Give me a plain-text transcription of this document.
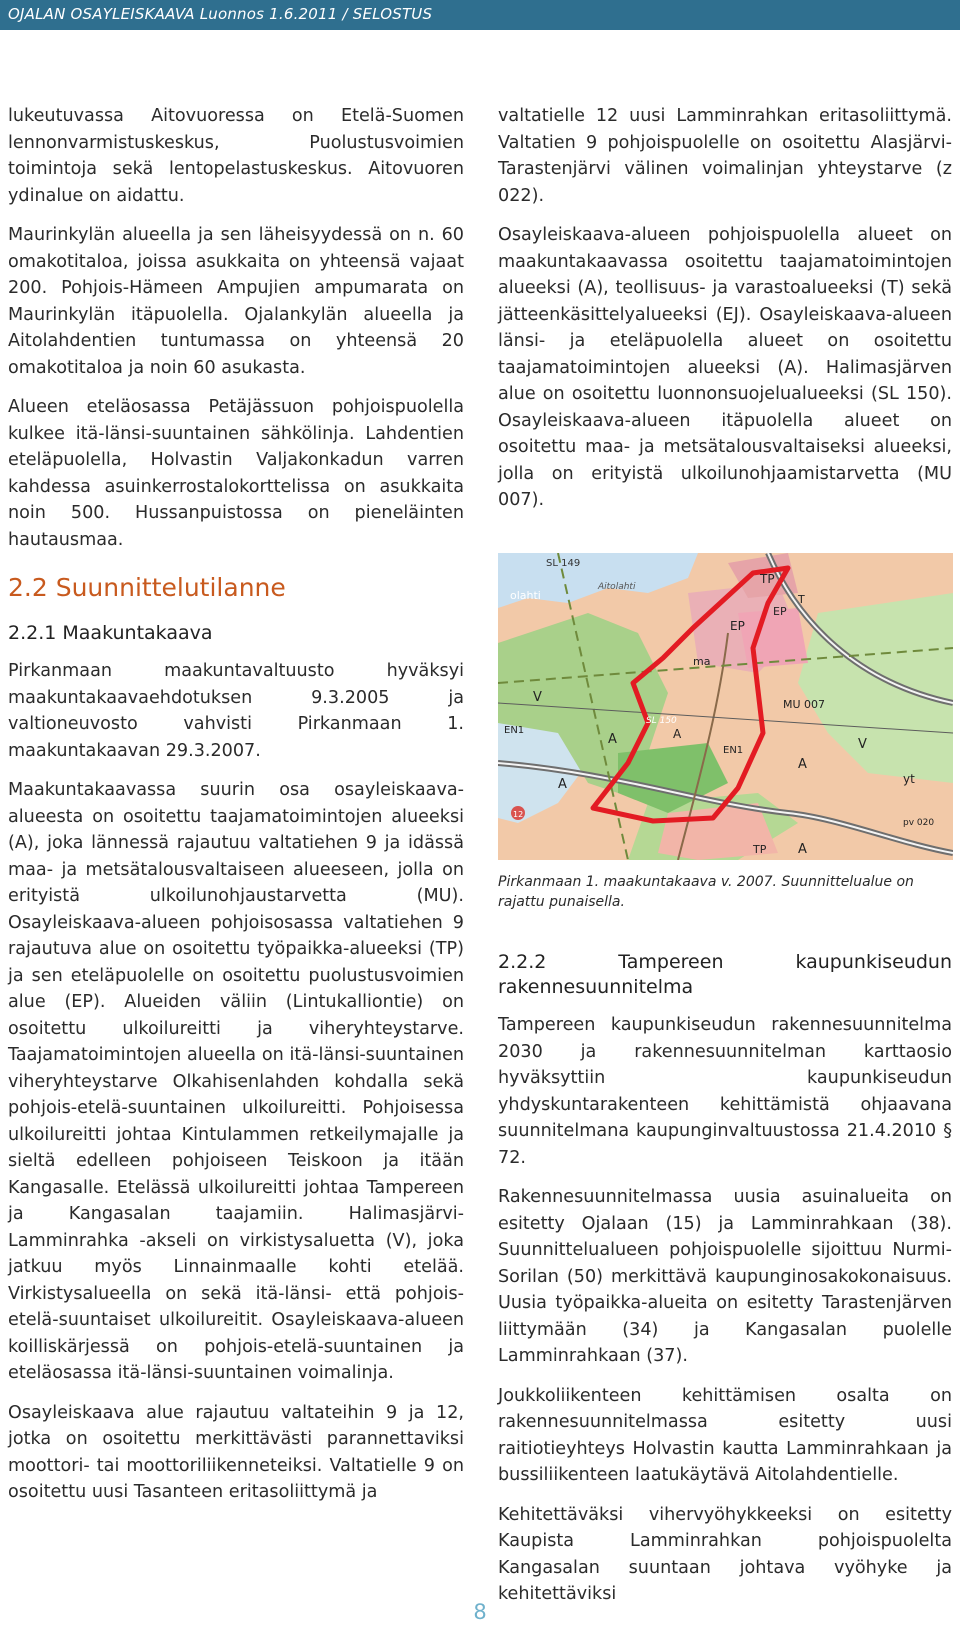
OJALAN OSAYLEISKAAVA Luonnos 1.6.2011 / SELOSTUS

lukeutuvassa Aitovuoressa on Etelä-Suomen lennonvarmistuskeskus, Puolustusvoimien toimintoja sekä lentopelastuskeskus. Aitovuoren ydinalue on aidattu.

Maurinkylän alueella ja sen läheisyydessä on n. 60 omakotitaloa, joissa asukkaita on yhteensä vajaat 200. Pohjois-Hämeen Ampujien ampumarata on Maurinkylän itäpuolella. Ojalankylän alueella ja Aitolahdentien tuntumassa on yhteensä 20 omakotitaloa ja noin 60 asukasta.

Alueen eteläosassa Petäjässuon pohjoispuolella kulkee itä-länsi-suuntainen sähkölinja. Lahdentien eteläpuolella, Holvastin Valjakonkadun varren kahdessa asuinkerrostalokorttelissa on asukkaita noin 500. Hussanpuistossa on pieneläinten hautausmaa.

2.2 Suunnittelutilanne
2.2.1 Maakuntakaava

Pirkanmaan maakuntavaltuusto hyväksyi maakuntakaavaehdotuksen 9.3.2005 ja valtioneuvosto vahvisti Pirkanmaan 1. maakuntakaavan 29.3.2007.

Maakuntakaavassa suurin osa osayleiskaava-alueesta on osoitettu taajamatoimintojen alueeksi (A), joka lännessä rajautuu valtatiehen 9 ja idässä maa- ja metsätalousvaltaiseen alueeseen, jolla on erityistä ulkoilunohjaustarvetta (MU). Osayleiskaava-alueen pohjoisosassa valtatiehen 9 rajautuva alue on osoitettu työpaikka-alueeksi (TP) ja sen eteläpuolelle on osoitettu puolustusvoimien alue (EP). Alueiden väliin (Lintukalliontie) on osoitettu ulkoilureitti ja viheryhteystarve. Taajamatoimintojen alueella on itä-länsi-suuntainen viheryhteystarve Olkahisenlahden kohdalla sekä pohjois-etelä-suuntainen ulkoilureitti. Pohjoisessa ulkoilureitti johtaa Kintulammen retkeilymajalle ja sieltä edelleen pohjoiseen Teiskoon ja itään Kangasalle. Etelässä ulkoilureitti johtaa Tampereen ja Kangasalan taajamiin. Halimasjärvi-Lamminrahka -akseli on virkistysaluetta (V), joka jatkuu myös Linnainmaalle kohti etelää. Virkistysalueella on sekä itä-länsi- että pohjois-etelä-suuntaiset ulkoilureitit. Osayleiskaava-alueen koilliskärjessä on pohjois-etelä-suuntainen ja eteläosassa itä-länsi-suuntainen voimalinja.

Osayleiskaava alue rajautuu valtateihin 9 ja 12, jotka on osoitettu merkittävästi parannettaviksi moottori- tai moottoriliikenneteiksi. Valtatielle 9 on osoitettu uusi Tasanteen eritasoliittymä ja

valtatielle 12 uusi Lamminrahkan eritasoliittymä. Valtatien 9 pohjoispuolelle on osoitettu Alasjärvi-Tarastenjärvi välinen voimalinjan yhteystarve (z 022).

Osayleiskaava-alueen pohjoispuolella alueet on maakuntakaavassa osoitettu taajamatoimintojen alueeksi (A), teollisuus- ja varastoalueeksi (T) sekä jätteenkäsittelyalueeksi (EJ). Osayleiskaava-alueen länsi- ja eteläpuolella alueet on osoitettu taajamatoimintojen alueeksi (A). Halimasjärven alue on osoitettu luonnonsuojelualueeksi (SL 150). Osayleiskaava-alueen itäpuolella alueet on osoitettu maa- ja metsätalousvaltaiseksi alueeksi, jolla on erityistä ulkoilunohjaamistarvetta (MU 007).

SL 149
olahti
Aitolahti
TP
EP
T
EP
ma
MU 007
V
SL 150
EN1
EN1
A
A
A
A
A
V
yt
pv 020
TP
12
Pirkanmaan 1. maakuntakaava v. 2007. Suunnittelualue on rajattu punaisella.
2.2.2 Tampereen kaupunkiseudun rakennesuunnitelma

Tampereen kaupunkiseudun rakennesuunnitelma 2030 ja rakennesuunnitelman karttaosio hyväksyttiin kaupunkiseudun yhdyskuntarakenteen kehittämistä ohjaavana suunnitelmana kaupunginvaltuustossa 21.4.2010 § 72.

Rakennesuunnitelmassa uusia asuinalueita on esitetty Ojalaan (15) ja Lamminrahkaan (38). Suunnittelualueen pohjoispuolelle sijoittuu Nurmi-Sorilan (50) merkittävä kaupunginosakokonaisuus. Uusia työpaikka-alueita on esitetty Tarastenjärven liittymään (34) ja Kangasalan puolelle Lamminrahkaan (37).

Joukkoliikenteen kehittämisen osalta on rakennesuunnitelmassa esitetty uusi raitiotieyhteys Holvastin kautta Lamminrahkaan ja bussiliikenteen laatukäytävä Aitolahdentielle.

Kehitettäväksi vihervyöhykkeeksi on esitetty Kaupista Lamminrahkan pohjoispuolelta Kangasalan suuntaan johtava vyöhyke ja kehitettäviksi

8
